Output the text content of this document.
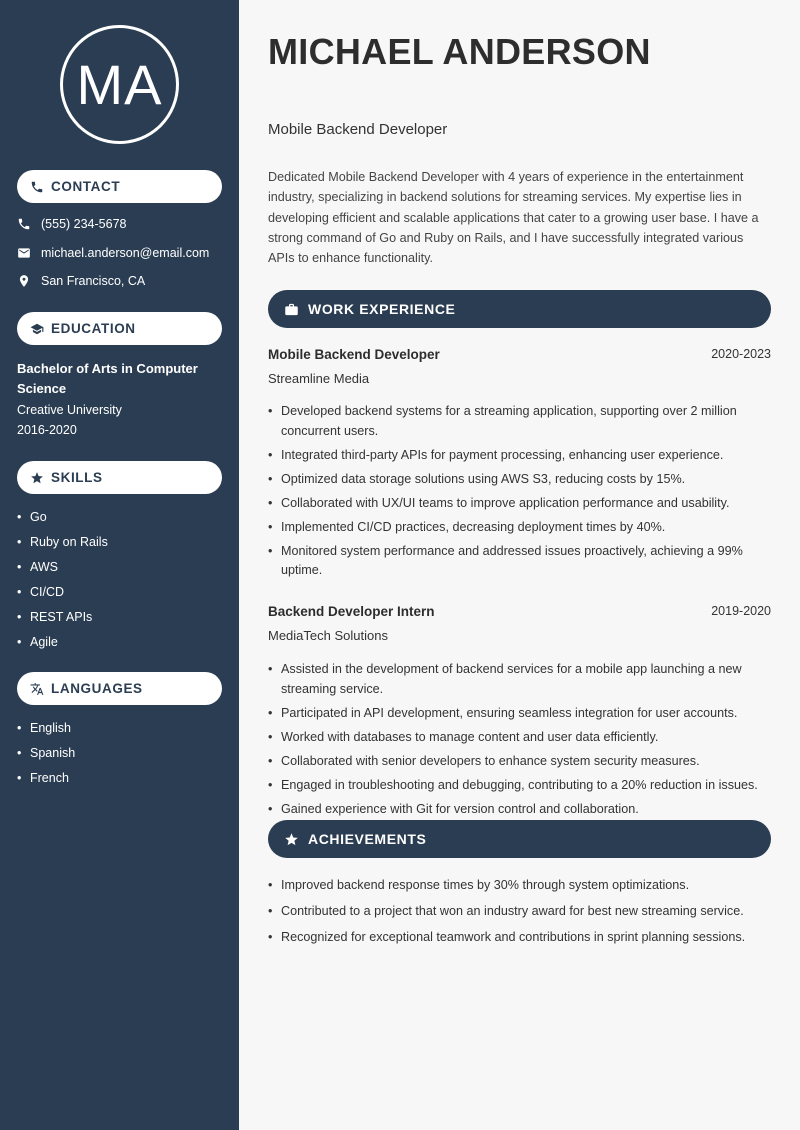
MA
CONTACT
(555) 234-5678
michael.anderson@email.com
San Francisco, CA
EDUCATION
Bachelor of Arts in Computer Science
Creative University
2016-2020
SKILLS
• Go
• Ruby on Rails
• AWS
• CI/CD
• REST APIs
• Agile
LANGUAGES
• English
• Spanish
• French
MICHAEL ANDERSON
Mobile Backend Developer
Dedicated Mobile Backend Developer with 4 years of experience in the entertainment industry, specializing in backend solutions for streaming services. My expertise lies in developing efficient and scalable applications that cater to a growing user base. I have a strong command of Go and Ruby on Rails, and I have successfully integrated various APIs to enhance functionality.
WORK EXPERIENCE
Mobile Backend Developer	2020-2023
Streamline Media
• Developed backend systems for a streaming application, supporting over 2 million concurrent users.
• Integrated third-party APIs for payment processing, enhancing user experience.
• Optimized data storage solutions using AWS S3, reducing costs by 15%.
• Collaborated with UX/UI teams to improve application performance and usability.
• Implemented CI/CD practices, decreasing deployment times by 40%.
• Monitored system performance and addressed issues proactively, achieving a 99% uptime.
Backend Developer Intern	2019-2020
MediaTech Solutions
• Assisted in the development of backend services for a mobile app launching a new streaming service.
• Participated in API development, ensuring seamless integration for user accounts.
• Worked with databases to manage content and user data efficiently.
• Collaborated with senior developers to enhance system security measures.
• Engaged in troubleshooting and debugging, contributing to a 20% reduction in issues.
• Gained experience with Git for version control and collaboration.
ACHIEVEMENTS
• Improved backend response times by 30% through system optimizations.
• Contributed to a project that won an industry award for best new streaming service.
• Recognized for exceptional teamwork and contributions in sprint planning sessions.
